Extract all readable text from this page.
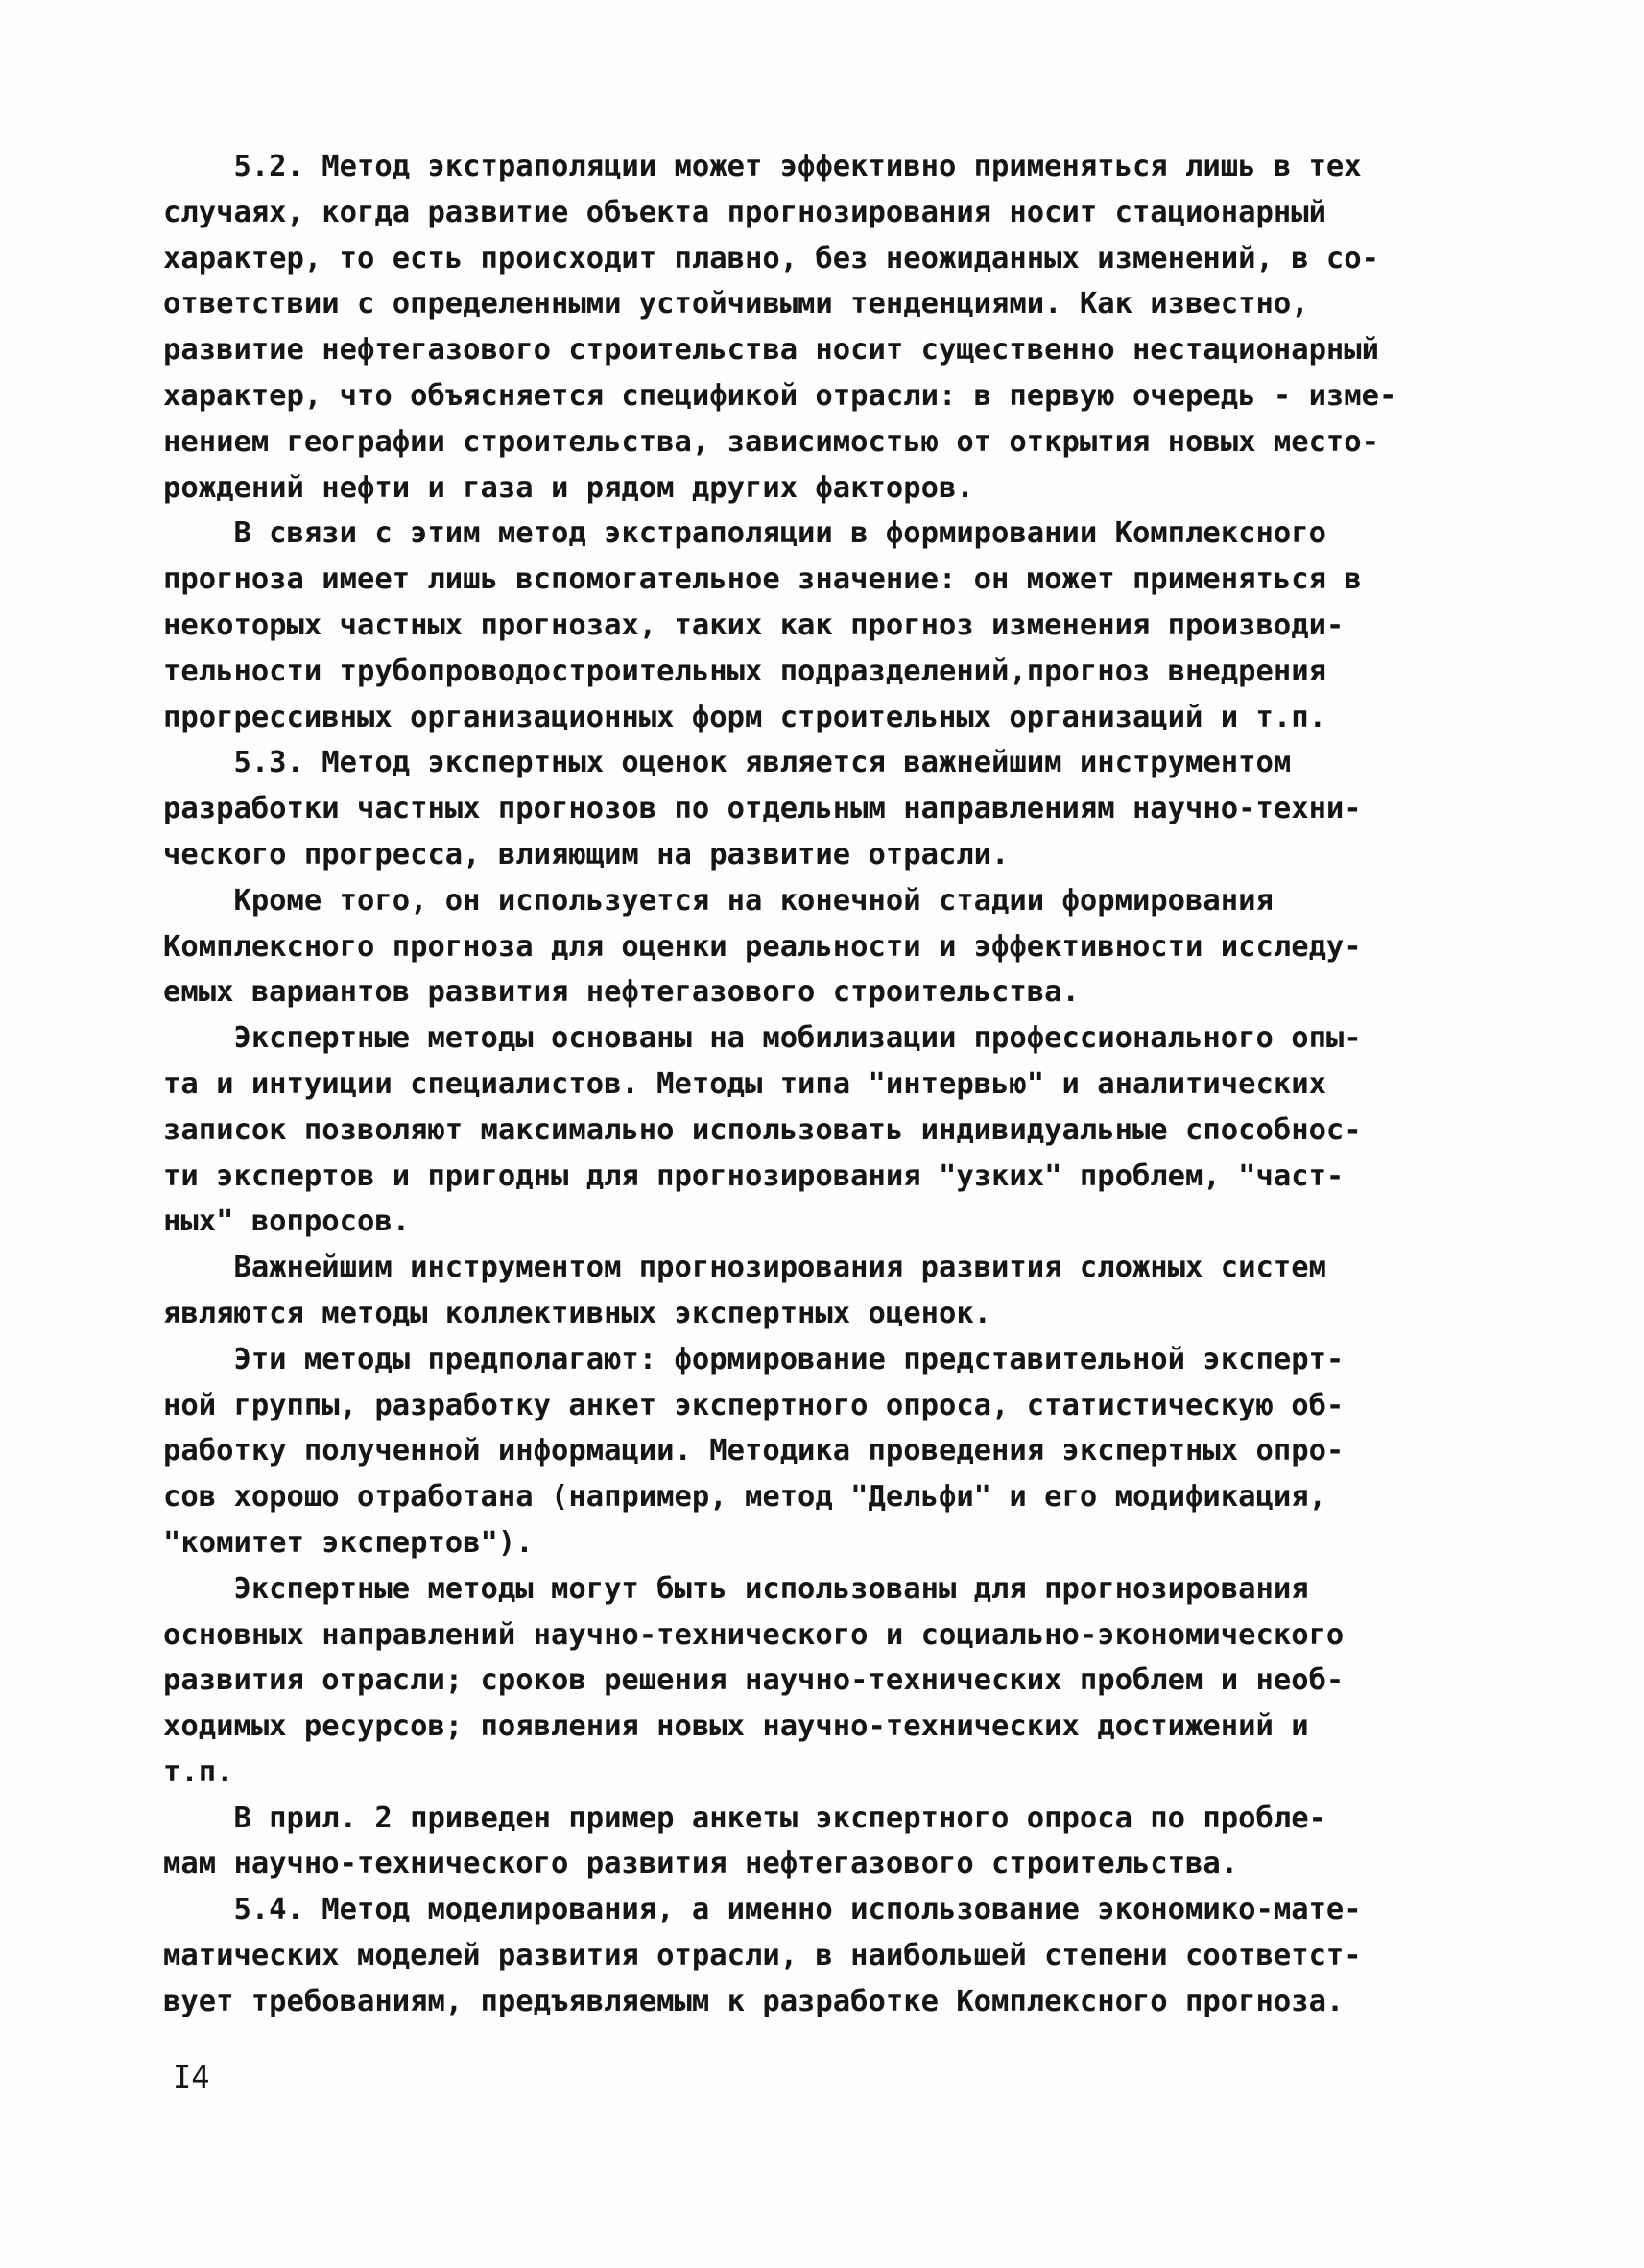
5.2. Метод экстраполяции может эффективно применяться лишь в тех
случаях, когда развитие объекта прогнозирования носит стационарный
характер, то есть происходит плавно, без неожиданных изменений, в со-
ответствии с определенными устойчивыми тенденциями. Как известно,
развитие нефтегазового строительства носит существенно нестационарный
характер, что объясняется спецификой отрасли: в первую очередь - изме-
нением географии строительства, зависимостью от открытия новых место-
рождений нефти и газа и рядом других факторов.
В связи с этим метод экстраполяции в формировании Комплексного
прогноза имеет лишь вспомогательное значение: он может применяться в
некоторых частных прогнозах, таких как прогноз изменения производи-
тельности трубопроводостроительных подразделений,прогноз внедрения
прогрессивных организационных форм строительных организаций и т.п.
5.3. Метод экспертных оценок является важнейшим инструментом
разработки частных прогнозов по отдельным направлениям научно-техни-
ческого прогресса, влияющим на развитие отрасли.
Кроме того, он используется на конечной стадии формирования
Комплексного прогноза для оценки реальности и эффективности исследу-
емых вариантов развития нефтегазового строительства.
Экспертные методы основаны на мобилизации профессионального опы-
та и интуиции специалистов. Методы типа "интервью" и аналитических
записок позволяют максимально использовать индивидуальные способнос-
ти экспертов и пригодны для прогнозирования "узких" проблем, "част-
ных" вопросов.
Важнейшим инструментом прогнозирования развития сложных систем
являются методы коллективных экспертных оценок.
Эти методы предполагают: формирование представительной эксперт-
ной группы, разработку анкет экспертного опроса, статистическую об-
работку полученной информации. Методика проведения экспертных опро-
сов хорошо отработана (например, метод "Дельфи" и его модификация,
"комитет экспертов").
Экспертные методы могут быть использованы для прогнозирования
основных направлений научно-технического и социально-экономического
развития отрасли; сроков решения научно-технических проблем и необ-
ходимых ресурсов; появления новых научно-технических достижений и
т.п.
В прил. 2 приведен пример анкеты экспертного опроса по пробле-
мам научно-технического развития нефтегазового строительства.
5.4. Метод моделирования, а именно использование экономико-мате-
матических моделей развития отрасли, в наибольшей степени соответст-
вует требованиям, предъявляемым к разработке Комплексного прогноза.
I4
